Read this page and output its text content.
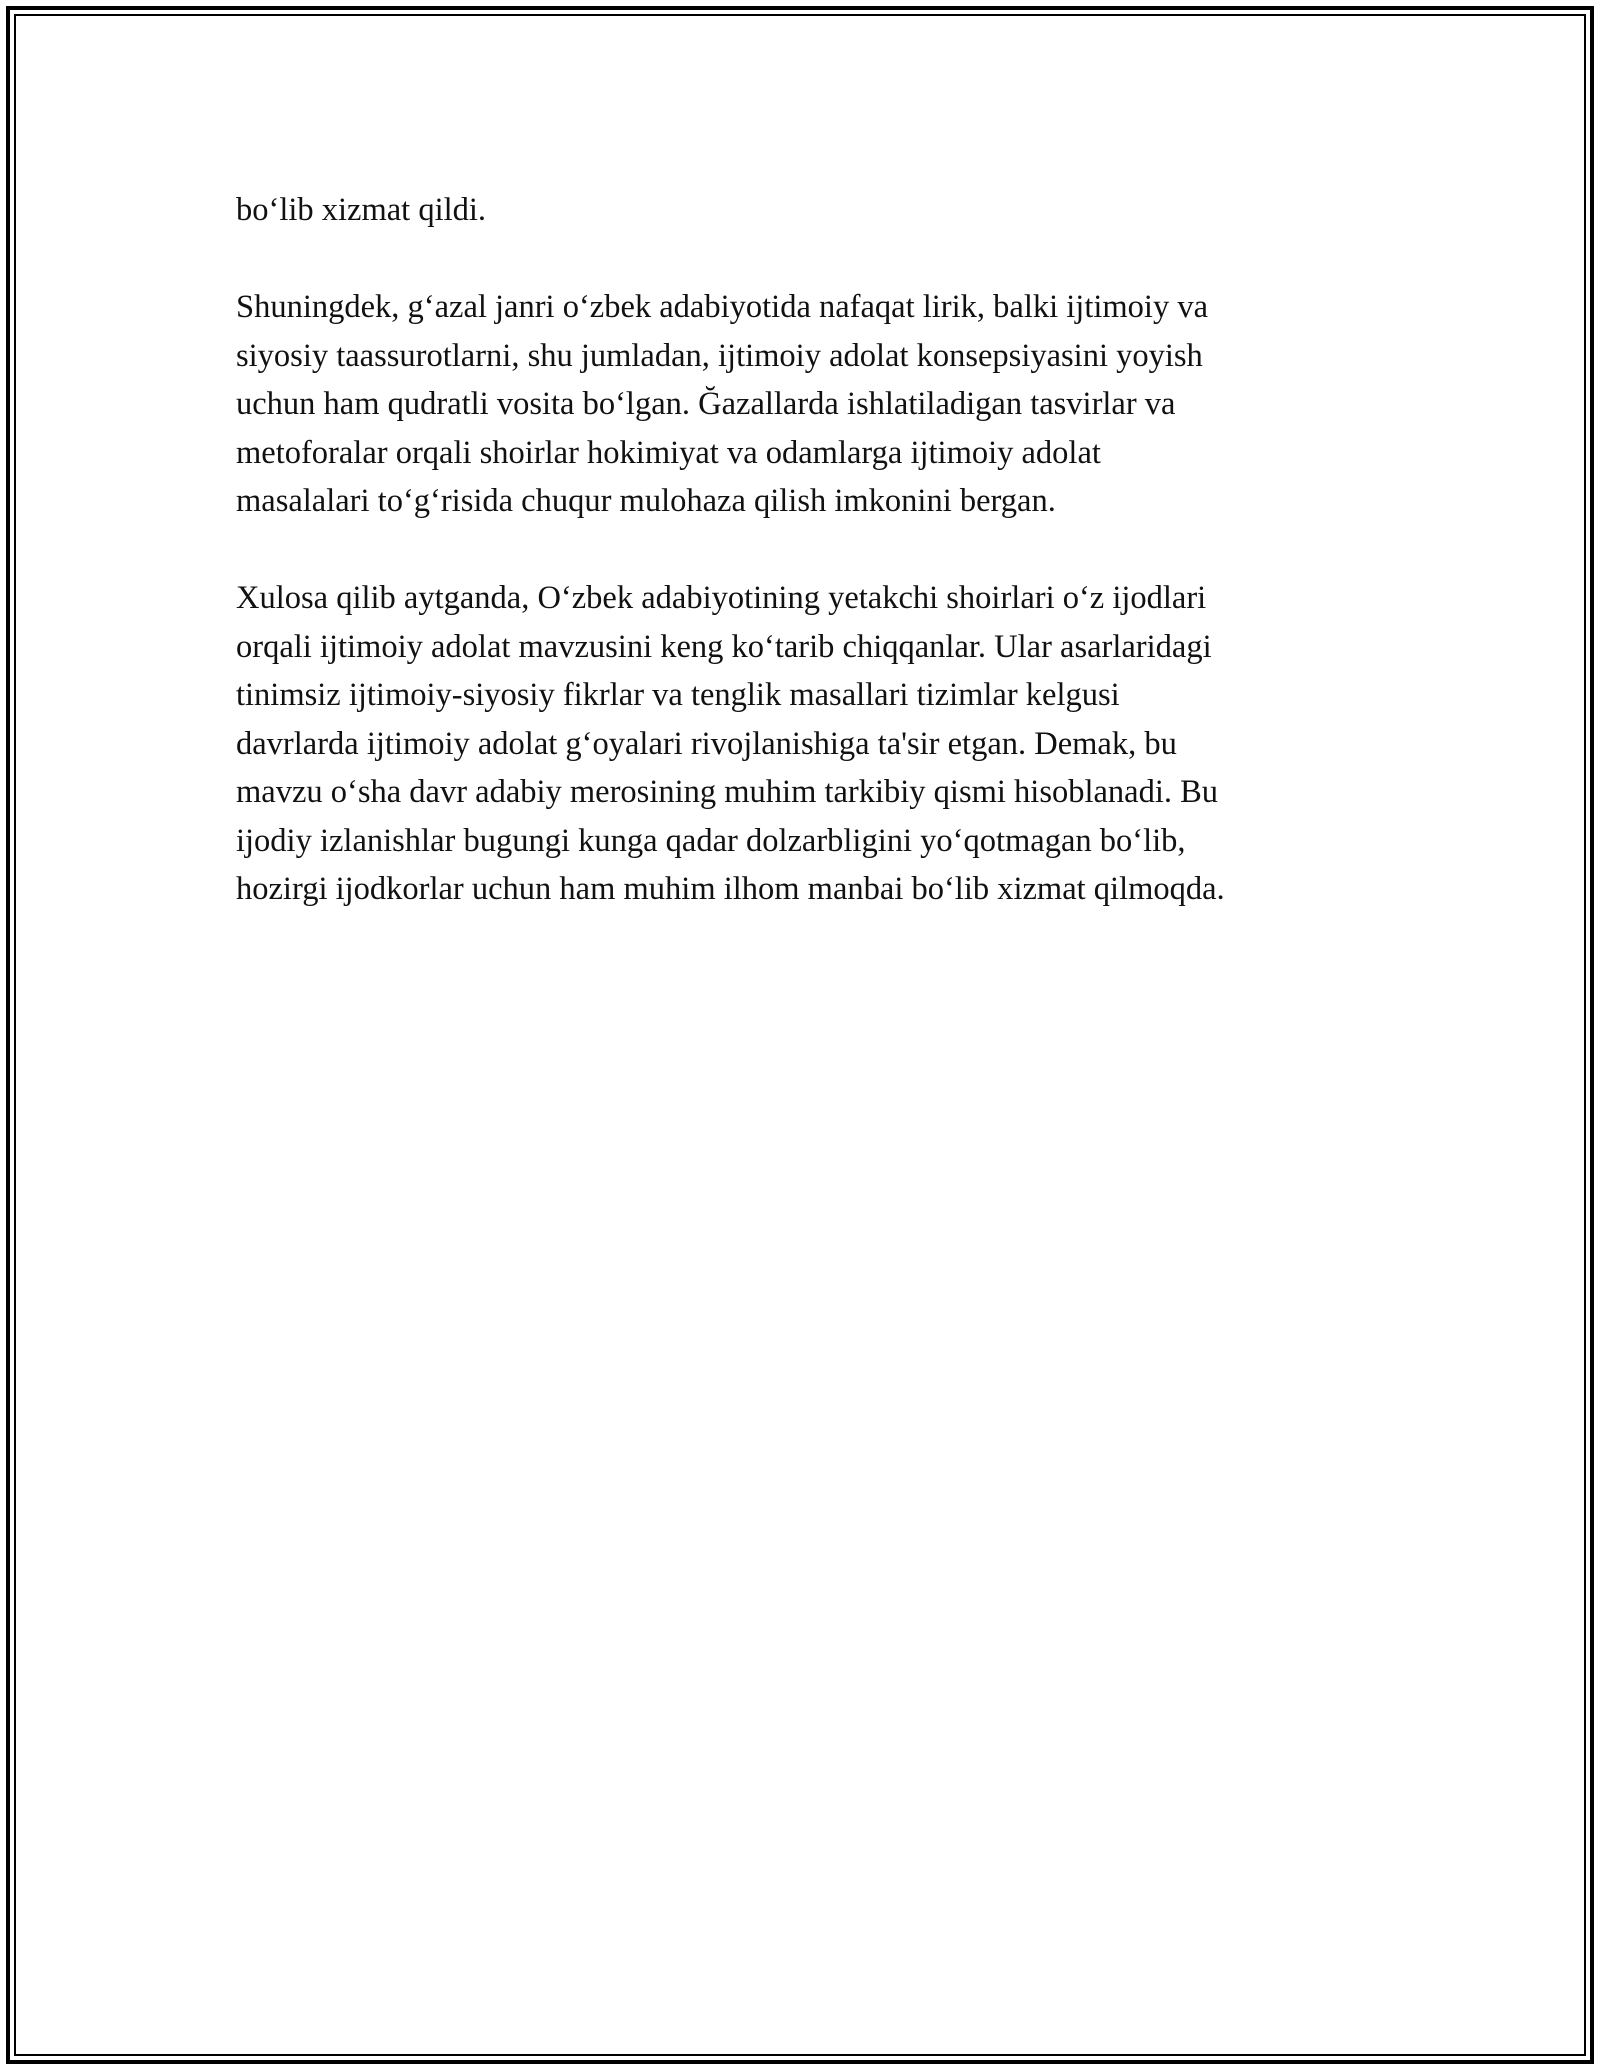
bo‘lib xizmat qildi.

Shuningdek, g‘azal janri o‘zbek adabiyotida nafaqat lirik, balki ijtimoiy va
siyosiy taassurotlarni, shu jumladan, ijtimoiy adolat konsepsiyasini yoyish
uchun ham qudratli vosita bo‘lgan. Ğazallarda ishlatiladigan tasvirlar va
metoforalar orqali shoirlar hokimiyat va odamlarga ijtimoiy adolat
masalalari to‘g‘risida chuqur mulohaza qilish imkonini bergan.

Xulosa qilib aytganda, O‘zbek adabiyotining yetakchi shoirlari o‘z ijodlari
orqali ijtimoiy adolat mavzusini keng ko‘tarib chiqqanlar. Ular asarlaridagi
tinimsiz ijtimoiy-siyosiy fikrlar va tenglik masallari tizimlar kelgusi
davrlarda ijtimoiy adolat g‘oyalari rivojlanishiga ta'sir etgan. Demak, bu
mavzu o‘sha davr adabiy merosining muhim tarkibiy qismi hisoblanadi. Bu
ijodiy izlanishlar bugungi kunga qadar dolzarbligini yo‘qotmagan bo‘lib,
hozirgi ijodkorlar uchun ham muhim ilhom manbai bo‘lib xizmat qilmoqda.
